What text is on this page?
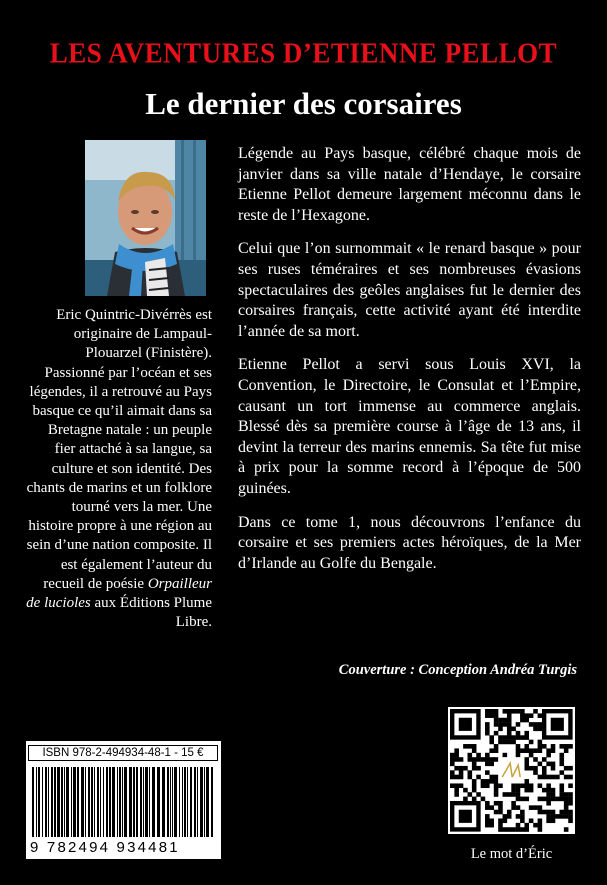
LES AVENTURES D’ETIENNE PELLOT
Le dernier des corsaires
Eric Quintric-Divérrès est originaire de Lampaul-Plouarzel (Finistère). Passionné par l’océan et ses légendes, il a retrouvé au Pays basque ce qu’il aimait dans sa Bretagne natale : un peuple fier attaché à sa langue, sa culture et son identité. Des chants de marins et un folklore tourné vers la mer. Une histoire propre à une région au sein d’une nation composite. Il est également l’auteur du recueil de poésie Orpailleur de lucioles aux Éditions Plume Libre.

Légende au Pays basque, célébré chaque mois de janvier dans sa ville natale d’Hendaye, le corsaire Etienne Pellot demeure largement méconnu dans le reste de l’Hexagone.

Celui que l’on surnommait « le renard basque » pour ses ruses téméraires et ses nombreuses évasions spectaculaires des geôles anglaises fut le dernier des corsaires français, cette activité ayant été interdite l’année de sa mort.

Etienne Pellot a servi sous Louis XVI, la Convention, le Directoire, le Consulat et l’Empire, causant un tort immense au commerce anglais. Blessé dès sa première course à l’âge de 13 ans, il devint la terreur des marins ennemis. Sa tête fut mise à prix pour la somme record à l’époque de 500 guinées.

Dans ce tome 1, nous découvrons l’enfance du corsaire et ses premiers actes héroïques, de la Mer d’Irlande au Golfe du Bengale.

Couverture : Conception Andréa Turgis
ISBN 978-2-494934-48-1 - 15 €
9 782494 934481	Le mot d’Éric
